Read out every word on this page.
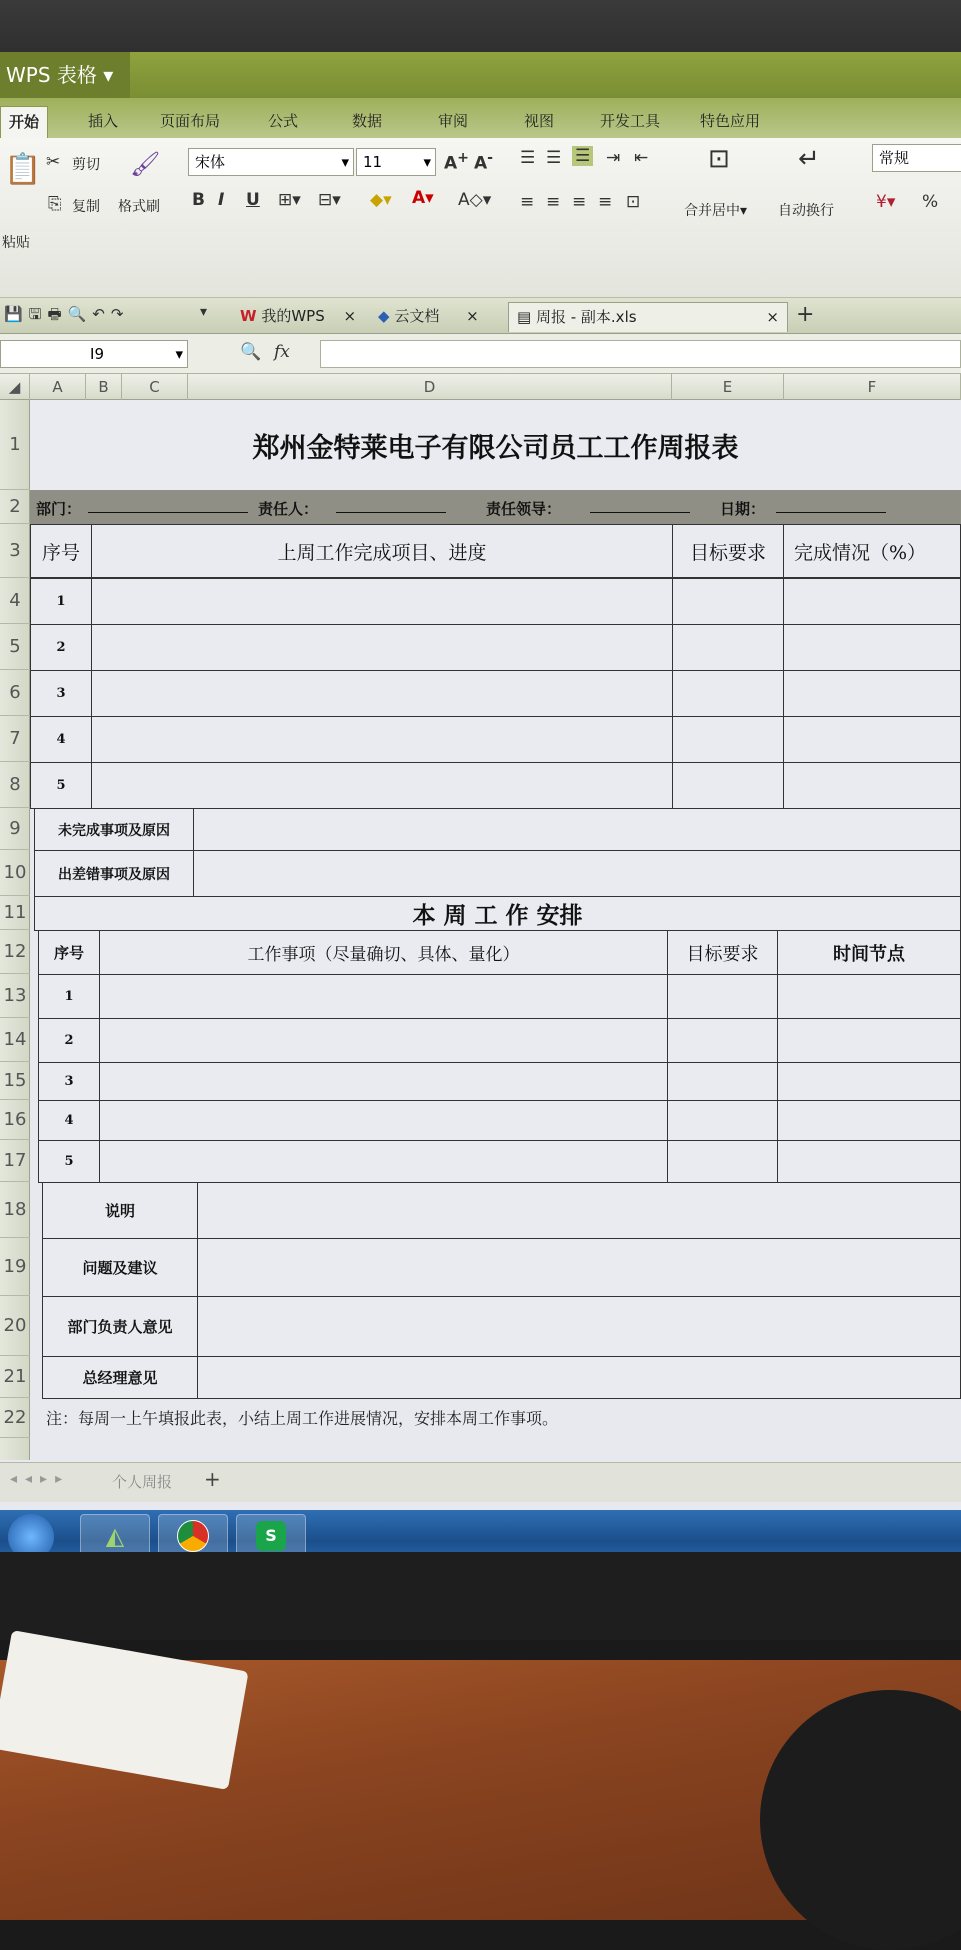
WPS 表格 ▾
开始	插入	页面布局	公式	数据	审阅	视图	开发工具	特色应用
📋
粘贴
✂ 剪切
⎘ 复制
🖌
格式刷
宋体	▾ 11	▾ A+ A-
B I U ⊞▾ ⊟▾ ◆▾ A▾ A◇▾
☰ ☰ ☰ ⇥ ⇤
≡ ≡ ≡ ≡ ⊡
⊡
合并居中▾
↵
自动换行
常规
¥▾ %
💾🖫🖶🔍↶↷	▾	W 我的WPS ×	◆ 云文档 ×	▤ 周报 - 副本.xls	× +
I9	▾	🔍 fx
◢	A	B	C	D	E	F
1
2
3
4
5
6
7
8
9
10
11
12
13
14
15
16
17
18
19
20
21
22
郑州金特莱电子有限公司员工工作周报表
部门：	责任人：	责任领导：	日期：
序号	上周工作完成项目、进度	目标要求	完成情况（%）
1
2
3
4
5
未完成事项及原因
出差错事项及原因
本 周 工 作 安排
序号	工作事项（尽量确切、具体、量化）	目标要求	时间节点
1
2
3
4
5
说明
问题及建议
部门负责人意见
总经理意见
注：每周一上午填报此表，小结上周工作进展情况，安排本周工作事项。
◂◂▸▸	个人周报 +
◭	S
